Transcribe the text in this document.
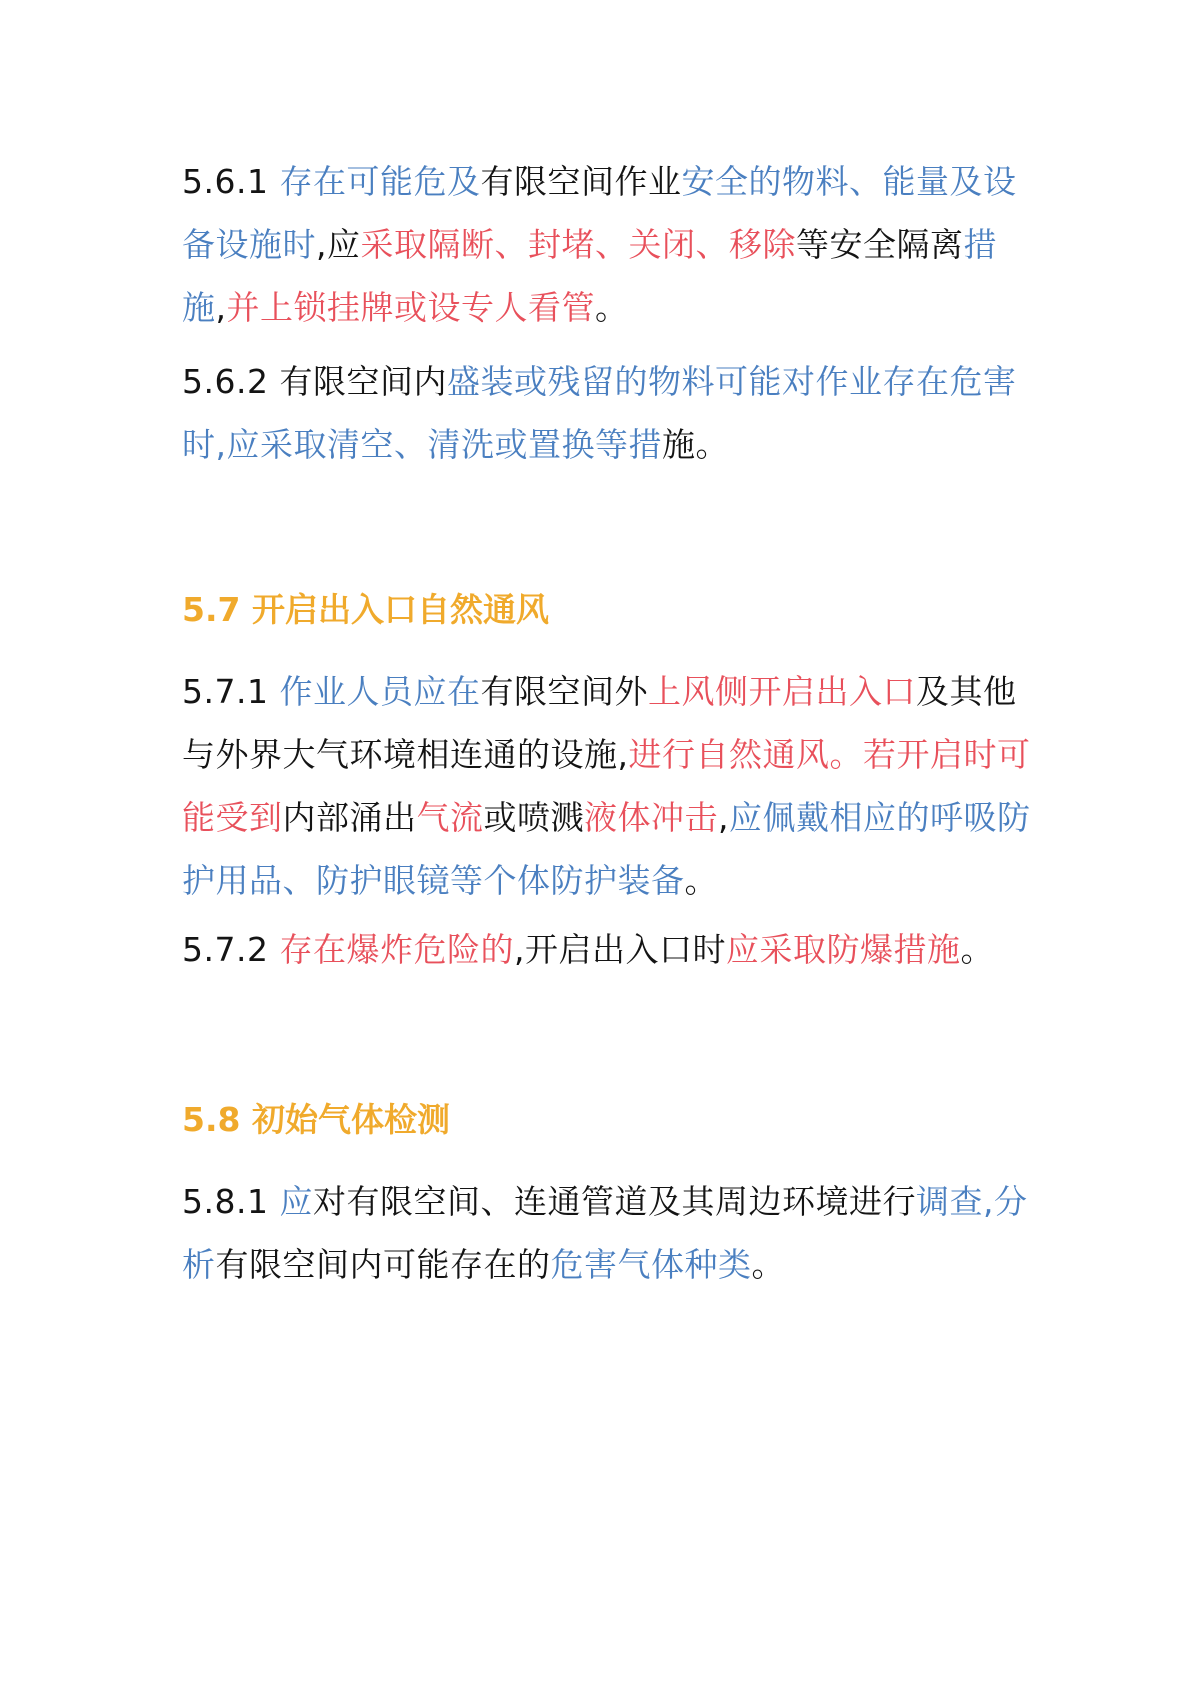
5.6.1 存在可能危及有限空间作业安全的物料、能量及设备设施时,应采取隔断、封堵、关闭、移除等安全隔离措施,并上锁挂牌或设专人看管。

5.6.2 有限空间内盛装或残留的物料可能对作业存在危害时,应采取清空、清洗或置换等措施。

5.7 开启出入口自然通风

5.7.1 作业人员应在有限空间外上风侧开启出入口及其他与外界大气环境相连通的设施,进行自然通风。若开启时可能受到内部涌出气流或喷溅液体冲击,应佩戴相应的呼吸防护用品、防护眼镜等个体防护装备。

5.7.2 存在爆炸危险的,开启出入口时应采取防爆措施。

5.8 初始气体检测

5.8.1 应对有限空间、连通管道及其周边环境进行调查,分析有限空间内可能存在的危害气体种类。
